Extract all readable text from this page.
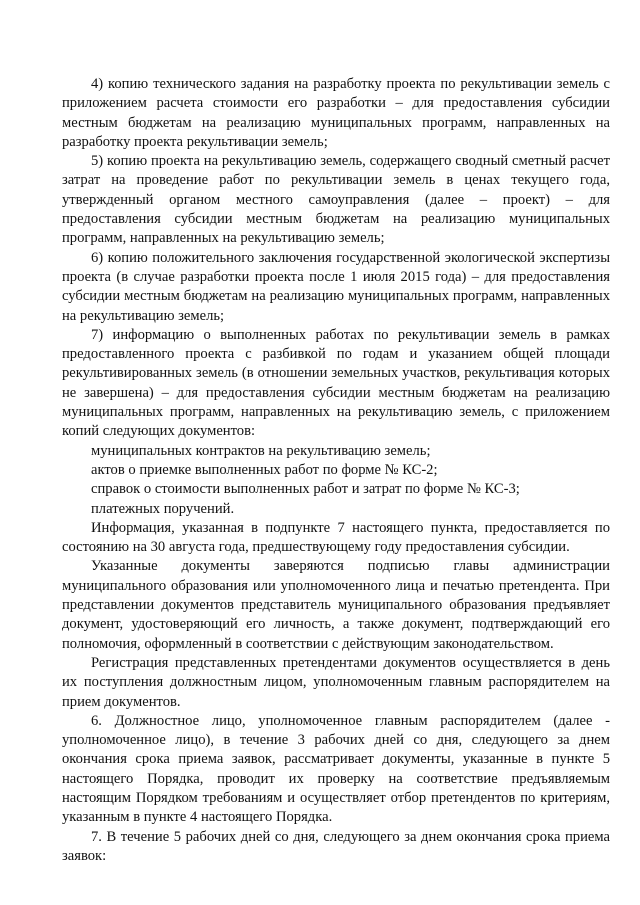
4) копию технического задания на разработку проекта по рекультивации земель с приложением расчета стоимости его разработки – для предоставления субсидии местным бюджетам на реализацию муниципальных программ, направленных на разработку проекта рекультивации земель;

5) копию проекта на рекультивацию земель, содержащего сводный сметный расчет затрат на проведение работ по рекультивации земель в ценах текущего года, утвержденный органом местного самоуправления (далее – проект) – для предоставления субсидии местным бюджетам на реализацию муниципальных программ, направленных на рекультивацию земель;

6) копию положительного заключения государственной экологической экспертизы проекта (в случае разработки проекта после 1 июля 2015 года) – для предоставления субсидии местным бюджетам на реализацию муниципальных программ, направленных на рекультивацию земель;

7) информацию о выполненных работах по рекультивации земель в рамках предоставленного проекта с разбивкой по годам и указанием общей площади рекультивированных земель (в отношении земельных участков, рекультивация которых не завершена) – для предоставления субсидии местным бюджетам на реализацию муниципальных программ, направленных на рекультивацию земель, с приложением копий следующих документов:

муниципальных контрактов на рекультивацию земель;

актов о приемке выполненных работ по форме № КС-2;

справок о стоимости выполненных работ и затрат по форме № КС-3;

платежных поручений.

Информация, указанная в подпункте 7 настоящего пункта, предоставляется по состоянию на 30 августа года, предшествующему году предоставления субсидии.

Указанные документы заверяются подписью главы администрации муниципального образования или уполномоченного лица и печатью претендента. При представлении документов представитель муниципального образования предъявляет документ, удостоверяющий его личность, а также документ, подтверждающий его полномочия, оформленный в соответствии с действующим законодательством.

Регистрация представленных претендентами документов осуществляется в день их поступления должностным лицом, уполномоченным главным распорядителем на прием документов.

6. Должностное лицо, уполномоченное главным распорядителем (далее - уполномоченное лицо), в течение 3 рабочих дней со дня, следующего за днем окончания срока приема заявок, рассматривает документы, указанные в пункте 5 настоящего Порядка, проводит их проверку на соответствие предъявляемым настоящим Порядком требованиям и осуществляет отбор претендентов по критериям, указанным в пункте 4 настоящего Порядка.

7. В течение 5 рабочих дней со дня, следующего за днем окончания срока приема заявок:
